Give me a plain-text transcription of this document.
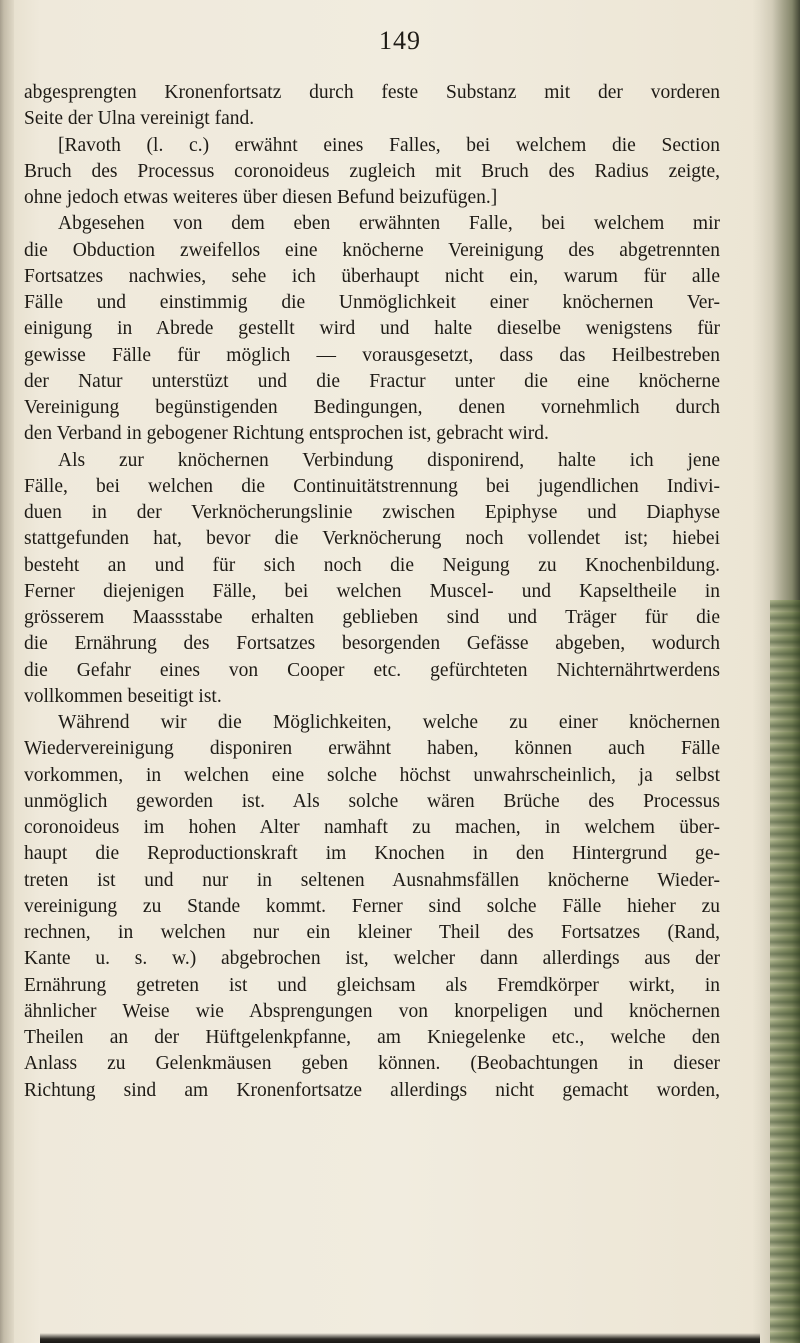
149
abgesprengten Kronenfortsatz durch feste Substanz mit der vorderen
Seite der Ulna vereinigt fand.
[Ravoth (l. c.) erwähnt eines Falles, bei welchem die Section
Bruch des Processus coronoideus zugleich mit Bruch des Radius zeigte,
ohne jedoch etwas weiteres über diesen Befund beizufügen.]
Abgesehen von dem eben erwähnten Falle, bei welchem mir
die Obduction zweifellos eine knöcherne Vereinigung des abgetrennten
Fortsatzes nachwies, sehe ich überhaupt nicht ein, warum für alle
Fälle und einstimmig die Unmöglichkeit einer knöchernen Ver-
einigung in Abrede gestellt wird und halte dieselbe wenigstens für
gewisse Fälle für möglich — vorausgesetzt, dass das Heilbestreben
der Natur unterstüzt und die Fractur unter die eine knöcherne
Vereinigung begünstigenden Bedingungen, denen vornehmlich durch
den Verband in gebogener Richtung entsprochen ist, gebracht wird.
Als zur knöchernen Verbindung disponirend, halte ich jene
Fälle, bei welchen die Continuitätstrennung bei jugendlichen Indivi-
duen in der Verknöcherungslinie zwischen Epiphyse und Diaphyse
stattgefunden hat, bevor die Verknöcherung noch vollendet ist; hiebei
besteht an und für sich noch die Neigung zu Knochenbildung.
Ferner diejenigen Fälle, bei welchen Muscel- und Kapseltheile in
grösserem Maassstabe erhalten geblieben sind und Träger für die
die Ernährung des Fortsatzes besorgenden Gefässe abgeben, wodurch
die Gefahr eines von Cooper etc. gefürchteten Nichternährtwerdens
vollkommen beseitigt ist.
Während wir die Möglichkeiten, welche zu einer knöchernen
Wiedervereinigung disponiren erwähnt haben, können auch Fälle
vorkommen, in welchen eine solche höchst unwahrscheinlich, ja selbst
unmöglich geworden ist. Als solche wären Brüche des Processus
coronoideus im hohen Alter namhaft zu machen, in welchem über-
haupt die Reproductionskraft im Knochen in den Hintergrund ge-
treten ist und nur in seltenen Ausnahmsfällen knöcherne Wieder-
vereinigung zu Stande kommt. Ferner sind solche Fälle hieher zu
rechnen, in welchen nur ein kleiner Theil des Fortsatzes (Rand,
Kante u. s. w.) abgebrochen ist, welcher dann allerdings aus der
Ernährung getreten ist und gleichsam als Fremdkörper wirkt, in
ähnlicher Weise wie Absprengungen von knorpeligen und knöchernen
Theilen an der Hüftgelenkpfanne, am Kniegelenke etc., welche den
Anlass zu Gelenkmäusen geben können. (Beobachtungen in dieser
Richtung sind am Kronenfortsatze allerdings nicht gemacht worden,
